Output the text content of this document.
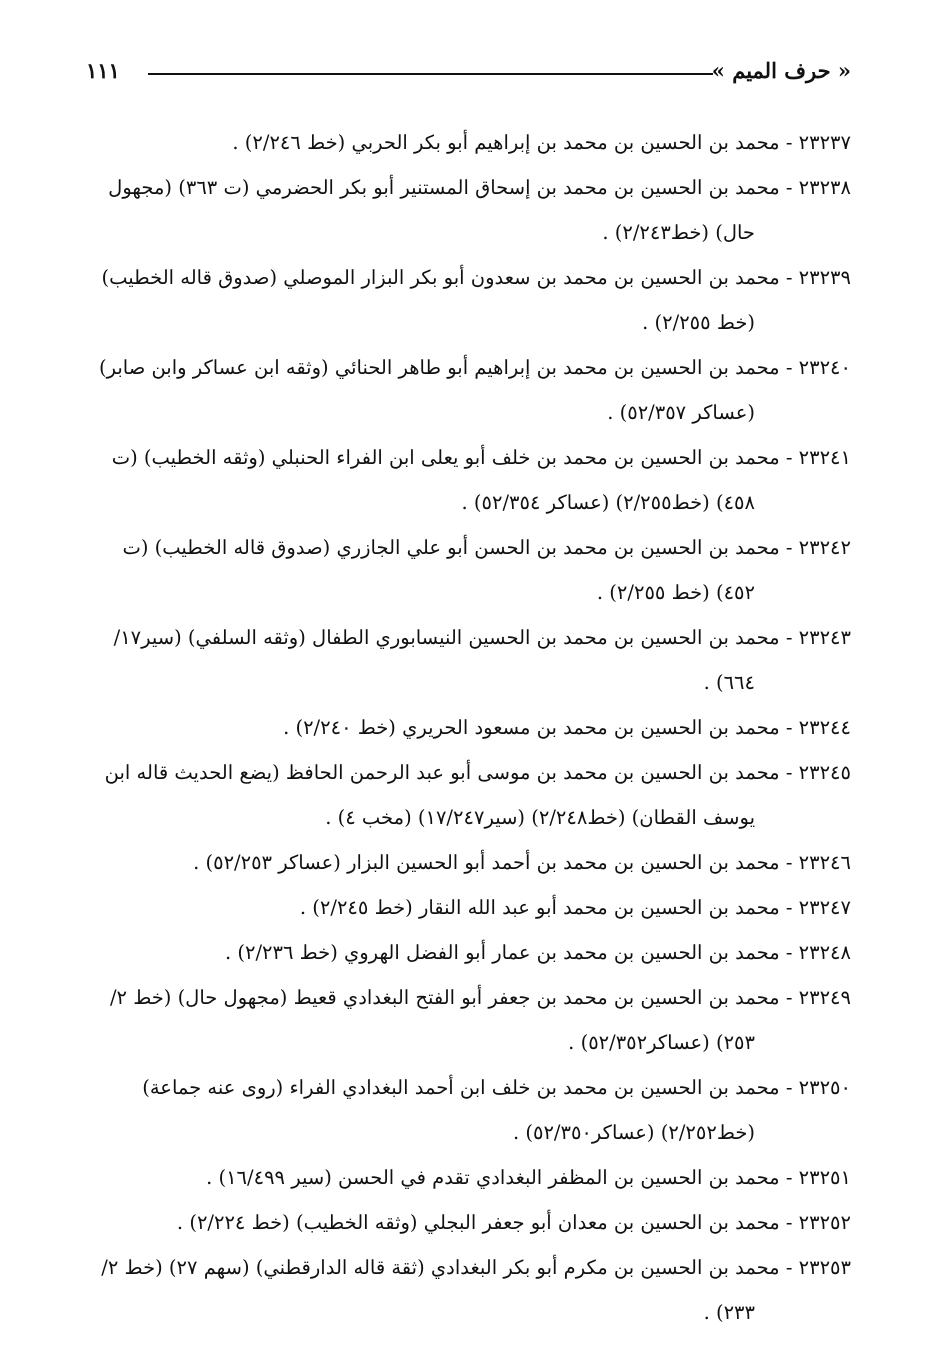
١١١	« حرف الميم »
٢٣٢٣٧ - محمد بن الحسين بن محمد بن إبراهيم أبو بكر الحربي (خط ٢/٢٤٦) .
٢٣٢٣٨ - محمد بن الحسين بن محمد بن إسحاق المستنير أبو بكر الحضرمي (ت ٣٦٣) (مجهول
حال) (خط٢/٢٤٣) .
٢٣٢٣٩ - محمد بن الحسين بن محمد بن سعدون أبو بكر البزار الموصلي (صدوق قاله الخطيب)
(خط ٢/٢٥٥) .
٢٣٢٤٠ - محمد بن الحسين بن محمد بن إبراهيم أبو طاهر الحنائي (وثقه ابن عساكر وابن صابر)
(عساكر ٥٢/٣٥٧) .
٢٣٢٤١ - محمد بن الحسين بن محمد بن خلف أبو يعلى ابن الفراء الحنبلي (وثقه الخطيب) (ت
٤٥٨) (خط٢/٢٥٥) (عساكر ٥٢/٣٥٤) .
٢٣٢٤٢ - محمد بن الحسين بن محمد بن الحسن أبو علي الجازري (صدوق قاله الخطيب) (ت
٤٥٢) (خط ٢/٢٥٥) .
٢٣٢٤٣ - محمد بن الحسين بن محمد بن الحسين النيسابوري الطفال (وثقه السلفي) (سير١٧/
٦٦٤) .
٢٣٢٤٤ - محمد بن الحسين بن محمد بن مسعود الحريري (خط ٢/٢٤٠) .
٢٣٢٤٥ - محمد بن الحسين بن محمد بن موسى أبو عبد الرحمن الحافظ (يضع الحديث قاله ابن
يوسف القطان) (خط٢/٢٤٨) (سير١٧/٢٤٧) (مخب ٤) .
٢٣٢٤٦ - محمد بن الحسين بن محمد بن أحمد أبو الحسين البزار (عساكر ٥٢/٢٥٣) .
٢٣٢٤٧ - محمد بن الحسين بن محمد أبو عبد الله النقار (خط ٢/٢٤٥) .
٢٣٢٤٨ - محمد بن الحسين بن محمد بن عمار أبو الفضل الهروي (خط ٢/٢٣٦) .
٢٣٢٤٩ - محمد بن الحسين بن محمد بن جعفر أبو الفتح البغدادي قعيط (مجهول حال) (خط ٢/
٢٥٣) (عساكر٥٢/٣٥٢) .
٢٣٢٥٠ - محمد بن الحسين بن محمد بن خلف ابن أحمد البغدادي الفراء (روى عنه جماعة)
(خط٢/٢٥٢) (عساكر٥٢/٣٥٠) .
٢٣٢٥١ - محمد بن الحسين بن المظفر البغدادي تقدم في الحسن (سير ١٦/٤٩٩) .
٢٣٢٥٢ - محمد بن الحسين بن معدان أبو جعفر البجلي (وثقه الخطيب) (خط ٢/٢٢٤) .
٢٣٢٥٣ - محمد بن الحسين بن مكرم أبو بكر البغدادي (ثقة قاله الدارقطني) (سهم ٢٧) (خط ٢/
٢٣٣) .
